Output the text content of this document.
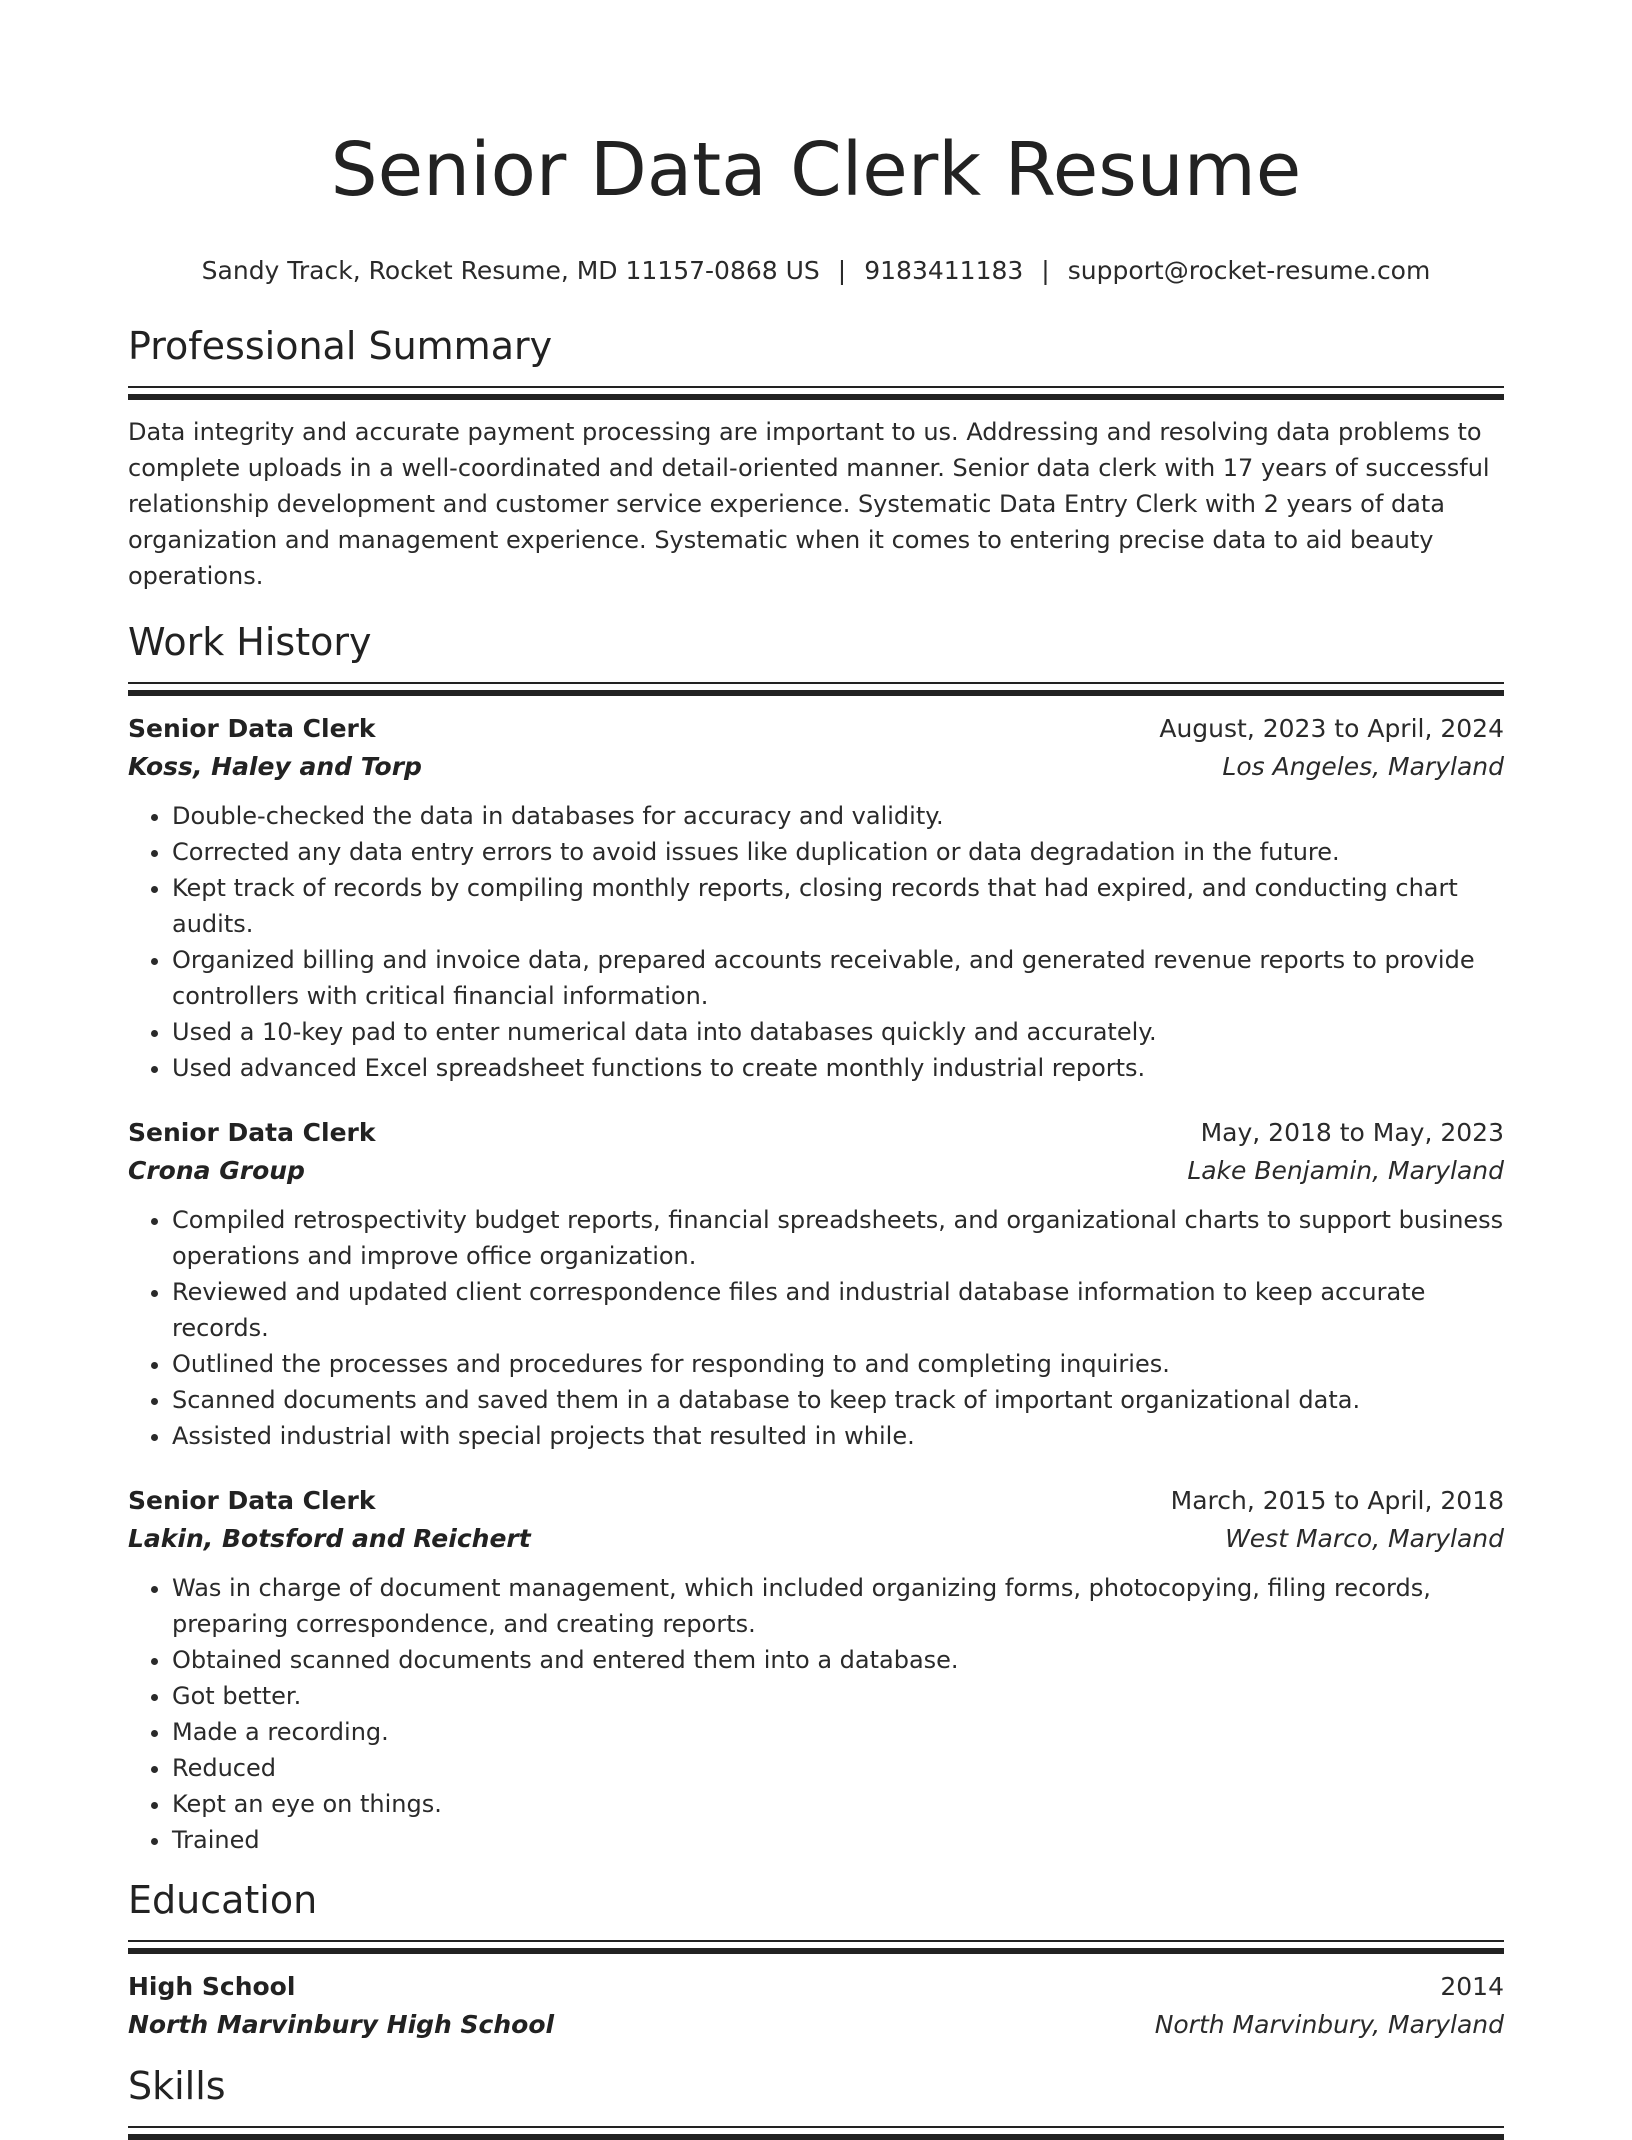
Senior Data Clerk Resume
Sandy Track, Rocket Resume, MD 11157-0868 US | 9183411183 | support@rocket-resume.com
Professional Summary
Data integrity and accurate payment processing are important to us. Addressing and resolving data problems to complete uploads in a well-coordinated and detail-oriented manner. Senior data clerk with 17 years of successful relationship development and customer service experience. Systematic Data Entry Clerk with 2 years of data organization and management experience. Systematic when it comes to entering precise data to aid beauty operations.
Work History
Senior Data Clerk	August, 2023 to April, 2024
Koss, Haley and Torp	Los Angeles, Maryland
• Double-checked the data in databases for accuracy and validity.
• Corrected any data entry errors to avoid issues like duplication or data degradation in the future.
• Kept track of records by compiling monthly reports, closing records that had expired, and conducting chart audits.
• Organized billing and invoice data, prepared accounts receivable, and generated revenue reports to provide controllers with critical financial information.
• Used a 10-key pad to enter numerical data into databases quickly and accurately.
• Used advanced Excel spreadsheet functions to create monthly industrial reports.
Senior Data Clerk	May, 2018 to May, 2023
Crona Group	Lake Benjamin, Maryland
• Compiled retrospectivity budget reports, financial spreadsheets, and organizational charts to support business operations and improve office organization.
• Reviewed and updated client correspondence files and industrial database information to keep accurate records.
• Outlined the processes and procedures for responding to and completing inquiries.
• Scanned documents and saved them in a database to keep track of important organizational data.
• Assisted industrial with special projects that resulted in while.
Senior Data Clerk	March, 2015 to April, 2018
Lakin, Botsford and Reichert	West Marco, Maryland
• Was in charge of document management, which included organizing forms, photocopying, filing records, preparing correspondence, and creating reports.
• Obtained scanned documents and entered them into a database.
• Got better.
• Made a recording.
• Reduced
• Kept an eye on things.
• Trained
Education
High School	2014
North Marvinbury High School	North Marvinbury, Maryland
Skills
